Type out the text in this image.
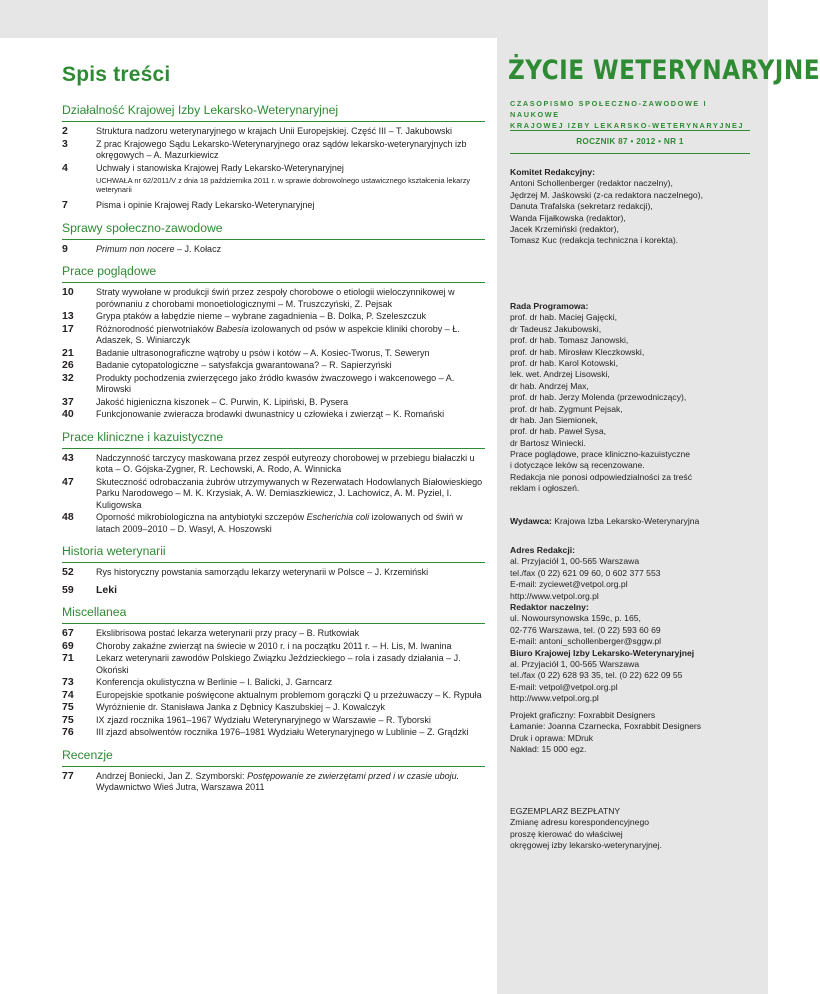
Spis treści
Działalność Krajowej Izby Lekarsko-Weterynaryjnej
2	Struktura nadzoru weterynaryjnego w krajach Unii Europejskiej. Część III – T. Jakubowski
3	Z prac Krajowego Sądu Lekarsko-Weterynaryjnego oraz sądów lekarsko-weterynaryjnych izb okręgowych – A. Mazurkiewicz
4	Uchwały i stanowiska Krajowej Rady Lekarsko-Weterynaryjnej
UCHWAŁA nr 62/2011/V z dnia 18 października 2011 r. w sprawie dobrowolnego ustawicznego kształcenia lekarzy weterynarii
7	Pisma i opinie Krajowej Rady Lekarsko-Weterynaryjnej
Sprawy społeczno-zawodowe
9	Primum non nocere – J. Kołacz
Prace poglądowe
10	Straty wywołane w produkcji świń przez zespoły chorobowe o etiologii wieloczynnikowej w porównaniu z chorobami monoetiologicznymi – M. Truszczyński, Z. Pejsak
13	Grypa ptaków a łabędzie nieme – wybrane zagadnienia – B. Dolka, P. Szeleszczuk
17	Różnorodność pierwotniaków Babesia izolowanych od psów w aspekcie kliniki choroby – Ł. Adaszek, S. Winiarczyk
21	Badanie ultrasonograficzne wątroby u psów i kotów – A. Kosiec-Tworus, T. Seweryn
26	Badanie cytopatologiczne – satysfakcja gwarantowana? – R. Sapierzyński
32	Produkty pochodzenia zwierzęcego jako źródło kwasów żwaczowego i wakcenowego – A. Mirowski
37	Jakość higieniczna kiszonek – C. Purwin, K. Lipiński, B. Pysera
40	Funkcjonowanie zwieracza brodawki dwunastnicy u człowieka i zwierząt – K. Romański
Prace kliniczne i kazuistyczne
43	Nadczynność tarczycy maskowana przez zespół eutyreozy chorobowej w przebiegu białaczki u kota – O. Gójska-Zygner, R. Lechowski, A. Rodo, A. Winnicka
47	Skuteczność odrobaczania żubrów utrzymywanych w Rezerwatach Hodowlanych Białowieskiego Parku Narodowego – M. K. Krzysiak, A. W. Demiaszkiewicz, J. Lachowicz, A. M. Pyziel, I. Kuligowska
48	Oporność mikrobiologiczna na antybiotyki szczepów Escherichia coli izolowanych od świń w latach 2009–2010 – D. Wasyl, A. Hoszowski
Historia weterynarii
52	Rys historyczny powstania samorządu lekarzy weterynarii w Polsce – J. Krzemiński
59	Leki
Miscellanea
67	Ekslibrisowa postać lekarza weterynarii przy pracy – B. Rutkowiak
69	Choroby zakaźne zwierząt na świecie w 2010 r. i na początku 2011 r. – H. Lis, M. Iwanina
71	Lekarz weterynarii zawodów Polskiego Związku Jeździeckiego – rola i zasady działania – J. Okoński
73	Konferencja okulistyczna w Berlinie – I. Balicki, J. Garncarz
74	Europejskie spotkanie poświęcone aktualnym problemom gorączki Q u przeżuwaczy – K. Rypuła
75	Wyróżnienie dr. Stanisława Janka z Dębnicy Kaszubskiej – J. Kowalczyk
75	IX zjazd rocznika 1961–1967 Wydziału Weterynaryjnego w Warszawie – R. Tyborski
76	III zjazd absolwentów rocznika 1976–1981 Wydziału Weterynaryjnego w Lublinie – Z. Grądzki
Recenzje
77	Andrzej Boniecki, Jan Z. Szymborski: Postępowanie ze zwierzętami przed i w czasie uboju. Wydawnictwo Wieś Jutra, Warszawa 2011
ŻYCIE WETERYNARYJNE
CZASOPISMO SPOŁECZNO-ZAWODOWE I NAUKOWE
KRAJOWEJ IZBY LEKARSKO-WETERYNARYJNEJ
ROCZNIK 87 • 2012 • NR 1
Komitet Redakcyjny:
Antoni Schollenberger (redaktor naczelny),
Jędrzej M. Jaśkowski (z-ca redaktora naczelnego),
Danuta Trafalska (sekretarz redakcji),
Wanda Fijałkowska (redaktor),
Jacek Krzemiński (redaktor),
Tomasz Kuc (redakcja techniczna i korekta).
Rada Programowa:
prof. dr hab. Maciej Gajęcki,
dr Tadeusz Jakubowski,
prof. dr hab. Tomasz Janowski,
prof. dr hab. Mirosław Kleczkowski,
prof. dr hab. Karol Kotowski,
lek. wet. Andrzej Lisowski,
dr hab. Andrzej Max,
prof. dr hab. Jerzy Molenda (przewodniczący),
prof. dr hab. Zygmunt Pejsak,
dr hab. Jan Siemionek,
prof. dr hab. Paweł Sysa,
dr Bartosz Winiecki.
Prace poglądowe, prace kliniczno-kazuistyczne
i dotyczące leków są recenzowane.
Redakcja nie ponosi odpowiedzialności za treść
reklam i ogłoszeń.
Wydawca: Krajowa Izba Lekarsko-Weterynaryjna
Adres Redakcji:
al. Przyjaciół 1, 00-565 Warszawa
tel./fax (0 22) 621 09 60, 0 602 377 553
E-mail: zyciewet@vetpol.org.pl
http://www.vetpol.org.pl
Redaktor naczelny:
ul. Nowoursynowska 159c, p. 165,
02-776 Warszawa, tel. (0 22) 593 60 69
E-mail: antoni_schollenberger@sggw.pl
Biuro Krajowej Izby Lekarsko-Weterynaryjnej
al. Przyjaciół 1, 00-565 Warszawa
tel./fax (0 22) 628 93 35, tel. (0 22) 622 09 55
E-mail: vetpol@vetpol.org.pl
http://www.vetpol.org.pl
Projekt graficzny: Foxrabbit Designers
Łamanie: Joanna Czarnecka, Foxrabbit Designers
Druk i oprawa: MDruk
Nakład: 15 000 egz.
EGZEMPLARZ BEZPŁATNY
Zmianę adresu korespondencyjnego
proszę kierować do właściwej
okręgowej izby lekarsko-weterynaryjnej.
